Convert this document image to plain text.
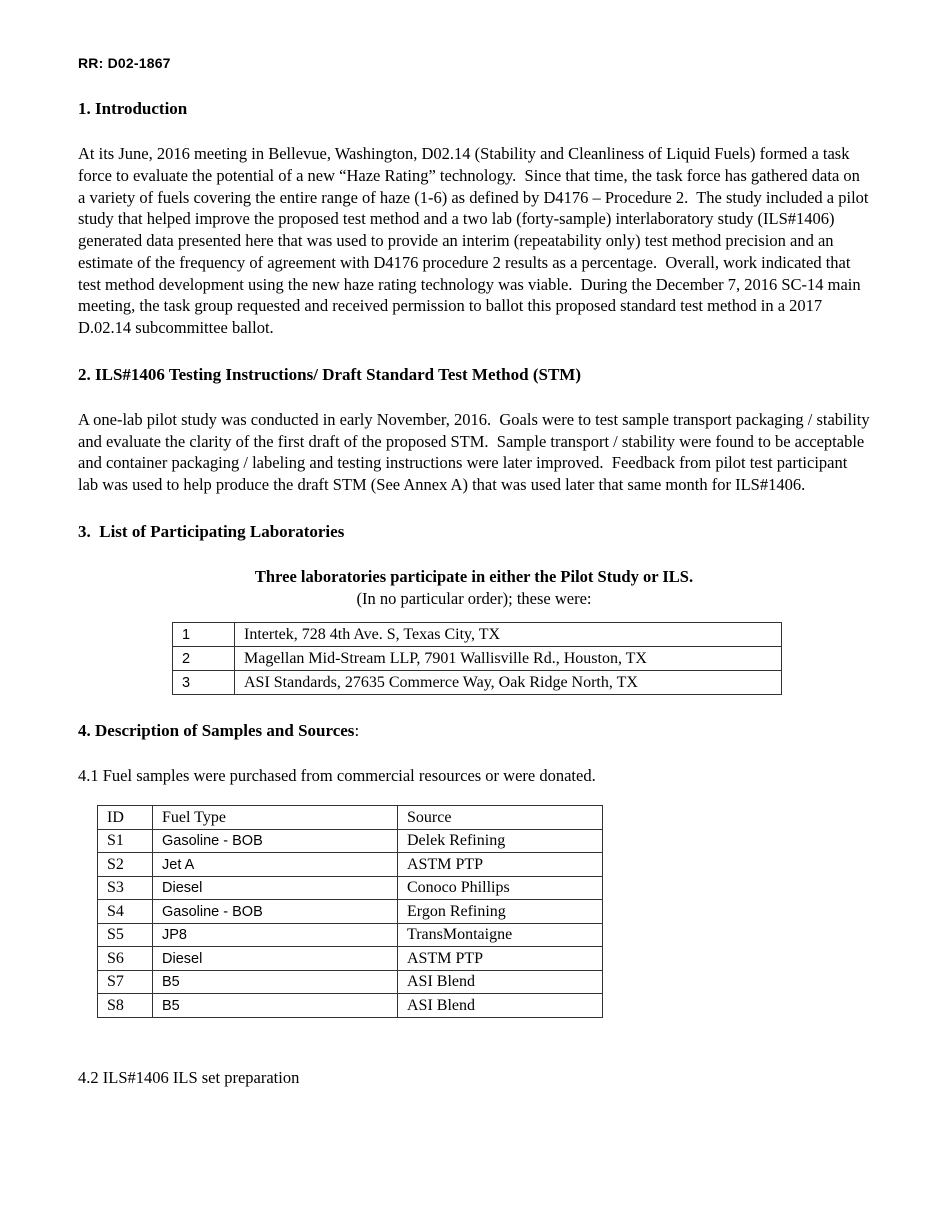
RR: D02-1867
1. Introduction

At its June, 2016 meeting in Bellevue, Washington, D02.14 (Stability and Cleanliness of Liquid Fuels) formed a task force to evaluate the potential of a new “Haze Rating” technology.  Since that time, the task force has gathered data on a variety of fuels covering the entire range of haze (1-6) as defined by D4176 – Procedure 2.  The study included a pilot study that helped improve the proposed test method and a two lab (forty-sample) interlaboratory study (ILS#1406) generated data presented here that was used to provide an interim (repeatability only) test method precision and an estimate of the frequency of agreement with D4176 procedure 2 results as a percentage.  Overall, work indicated that test method development using the new haze rating technology was viable.  During the December 7, 2016 SC-14 main meeting, the task group requested and received permission to ballot this proposed standard test method in a 2017 D.02.14 subcommittee ballot.

2. ILS#1406 Testing Instructions/ Draft Standard Test Method (STM)

A one-lab pilot study was conducted in early November, 2016.  Goals were to test sample transport packaging / stability and evaluate the clarity of the first draft of the proposed STM.  Sample transport / stability were found to be acceptable and container packaging / labeling and testing instructions were later improved.  Feedback from pilot test participant lab was used to help produce the draft STM (See Annex A) that was used later that same month for ILS#1406.

3.  List of Participating Laboratories

Three laboratories participate in either the Pilot Study or ILS.

(In no particular order); these were:

1	Intertek, 728 4th Ave. S, Texas City, TX
2	Magellan Mid-Stream LLP, 7901 Wallisville Rd., Houston, TX
3	ASI Standards, 27635 Commerce Way, Oak Ridge North, TX
4. Description of Samples and Sources:

4.1 Fuel samples were purchased from commercial resources or were donated.

ID	Fuel Type	Source
S1	Gasoline - BOB	Delek Refining
S2	Jet A	ASTM PTP
S3	Diesel	Conoco Phillips
S4	Gasoline - BOB	Ergon Refining
S5	JP8	TransMontaigne
S6	Diesel	ASTM PTP
S7	B5	ASI Blend
S8	B5	ASI Blend

4.2 ILS#1406 ILS set preparation
